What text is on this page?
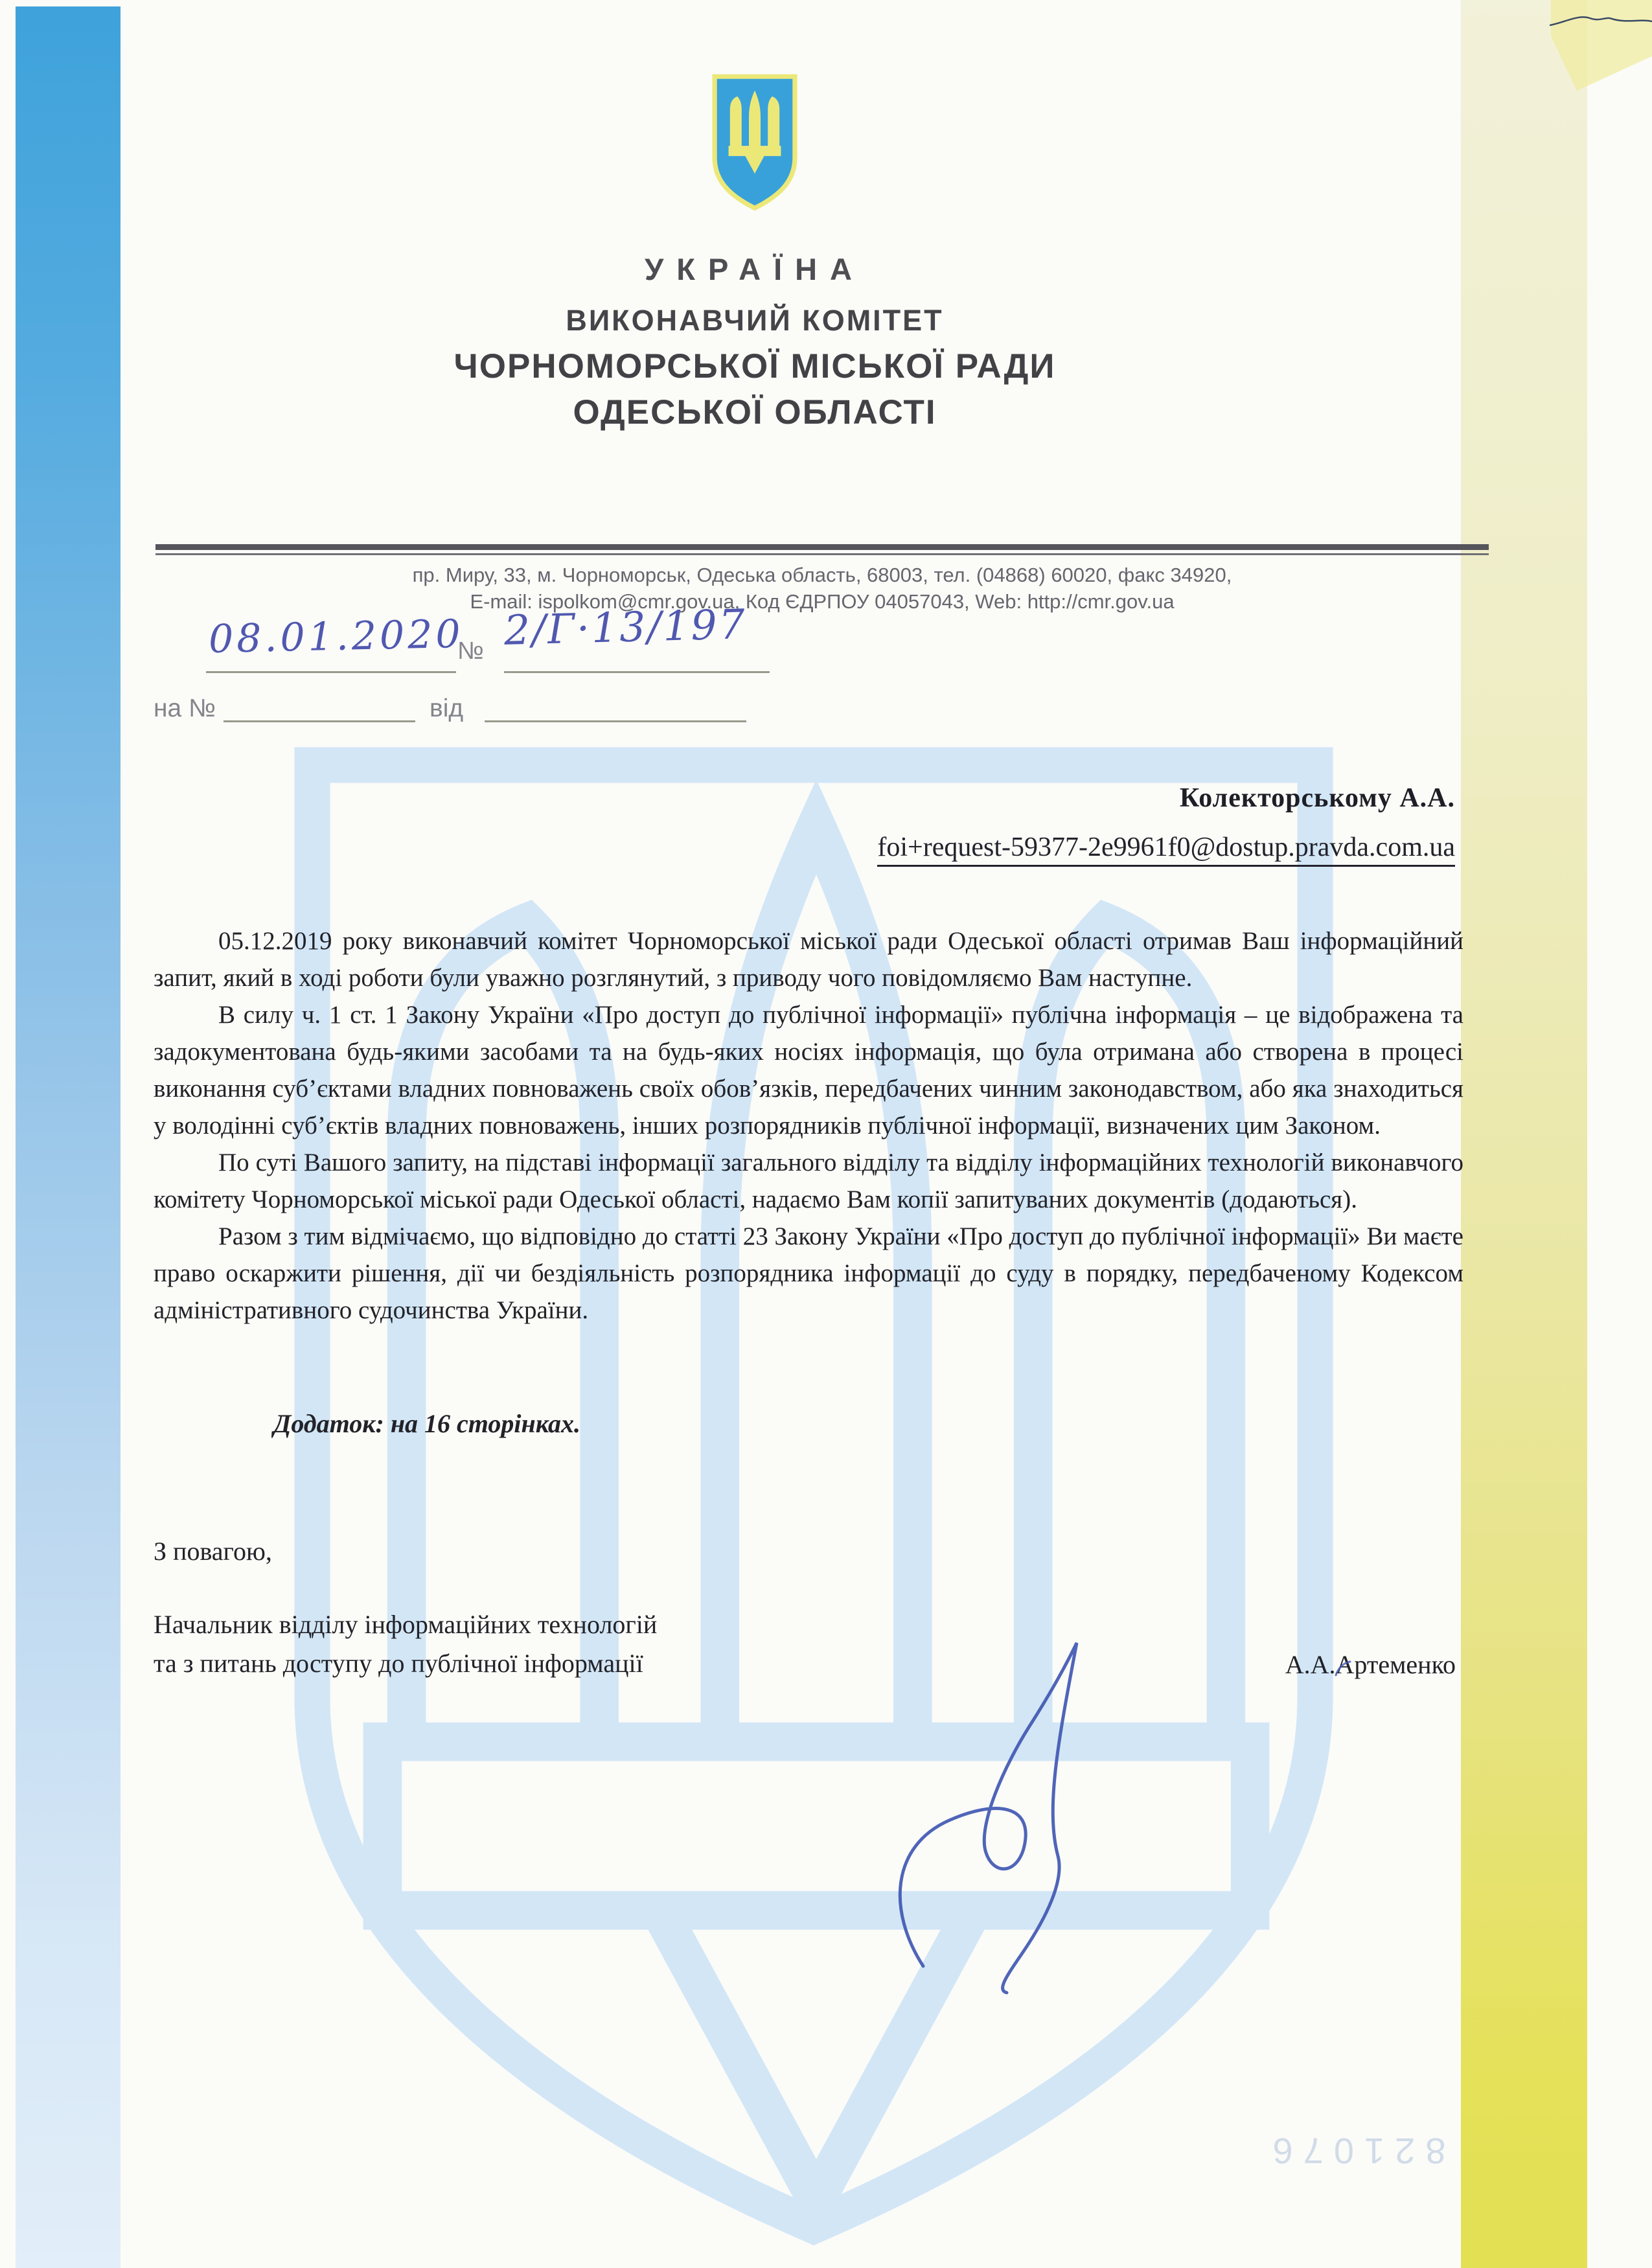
УКРАЇНА
ВИКОНАВЧИЙ КОМІТЕТ
ЧОРНОМОРСЬКОЇ МІСЬКОЇ РАДИ
ОДЕСЬКОЇ ОБЛАСТІ
пр. Миру, 33, м. Чорноморськ, Одеська область, 68003, тел. (04868) 60020, факс 34920,
E-mail: ispolkom@cmr.gov.ua, Код ЄДРПОУ 04057043, Web: http://cmr.gov.ua
08.01.2020
№ 2/Г·13/197
на №	від
Колекторському А.А.
foi+request-59377-2e9961f0@dostup.pravda.com.ua

05.12.2019 року виконавчий комітет Чорноморської міської ради Одеської області отримав Ваш інформаційний запит, який в ході роботи були уважно розглянутий, з приводу чого повідомляємо Вам наступне.

В силу ч. 1 ст. 1 Закону України «Про доступ до публічної інформації» публічна інформація – це відображена та задокументована будь-якими засобами та на будь-яких носіях інформація, що була отримана або створена в процесі виконання суб’єктами владних повноважень своїх обов’язків, передбачених чинним законодавством, або яка знаходиться у володінні суб’єктів владних повноважень, інших розпорядників публічної інформації, визначених цим Законом.

По суті Вашого запиту, на підставі інформації загального відділу та відділу інформаційних технологій виконавчого комітету Чорноморської міської ради Одеської області, надаємо Вам копії запитуваних документів (додаються).

Разом з тим відмічаємо, що відповідно до статті 23 Закону України «Про доступ до публічної інформації» Ви маєте право оскаржити рішення, дії чи бездіяльність розпорядника інформації до суду в порядку, передбаченому Кодексом адміністративного судочинства України.

Додаток: на 16 сторінках.
З повагою,
Начальник відділу інформаційних технологій
та з питань доступу до публічної інформації	А.А.Артеменко
821076
